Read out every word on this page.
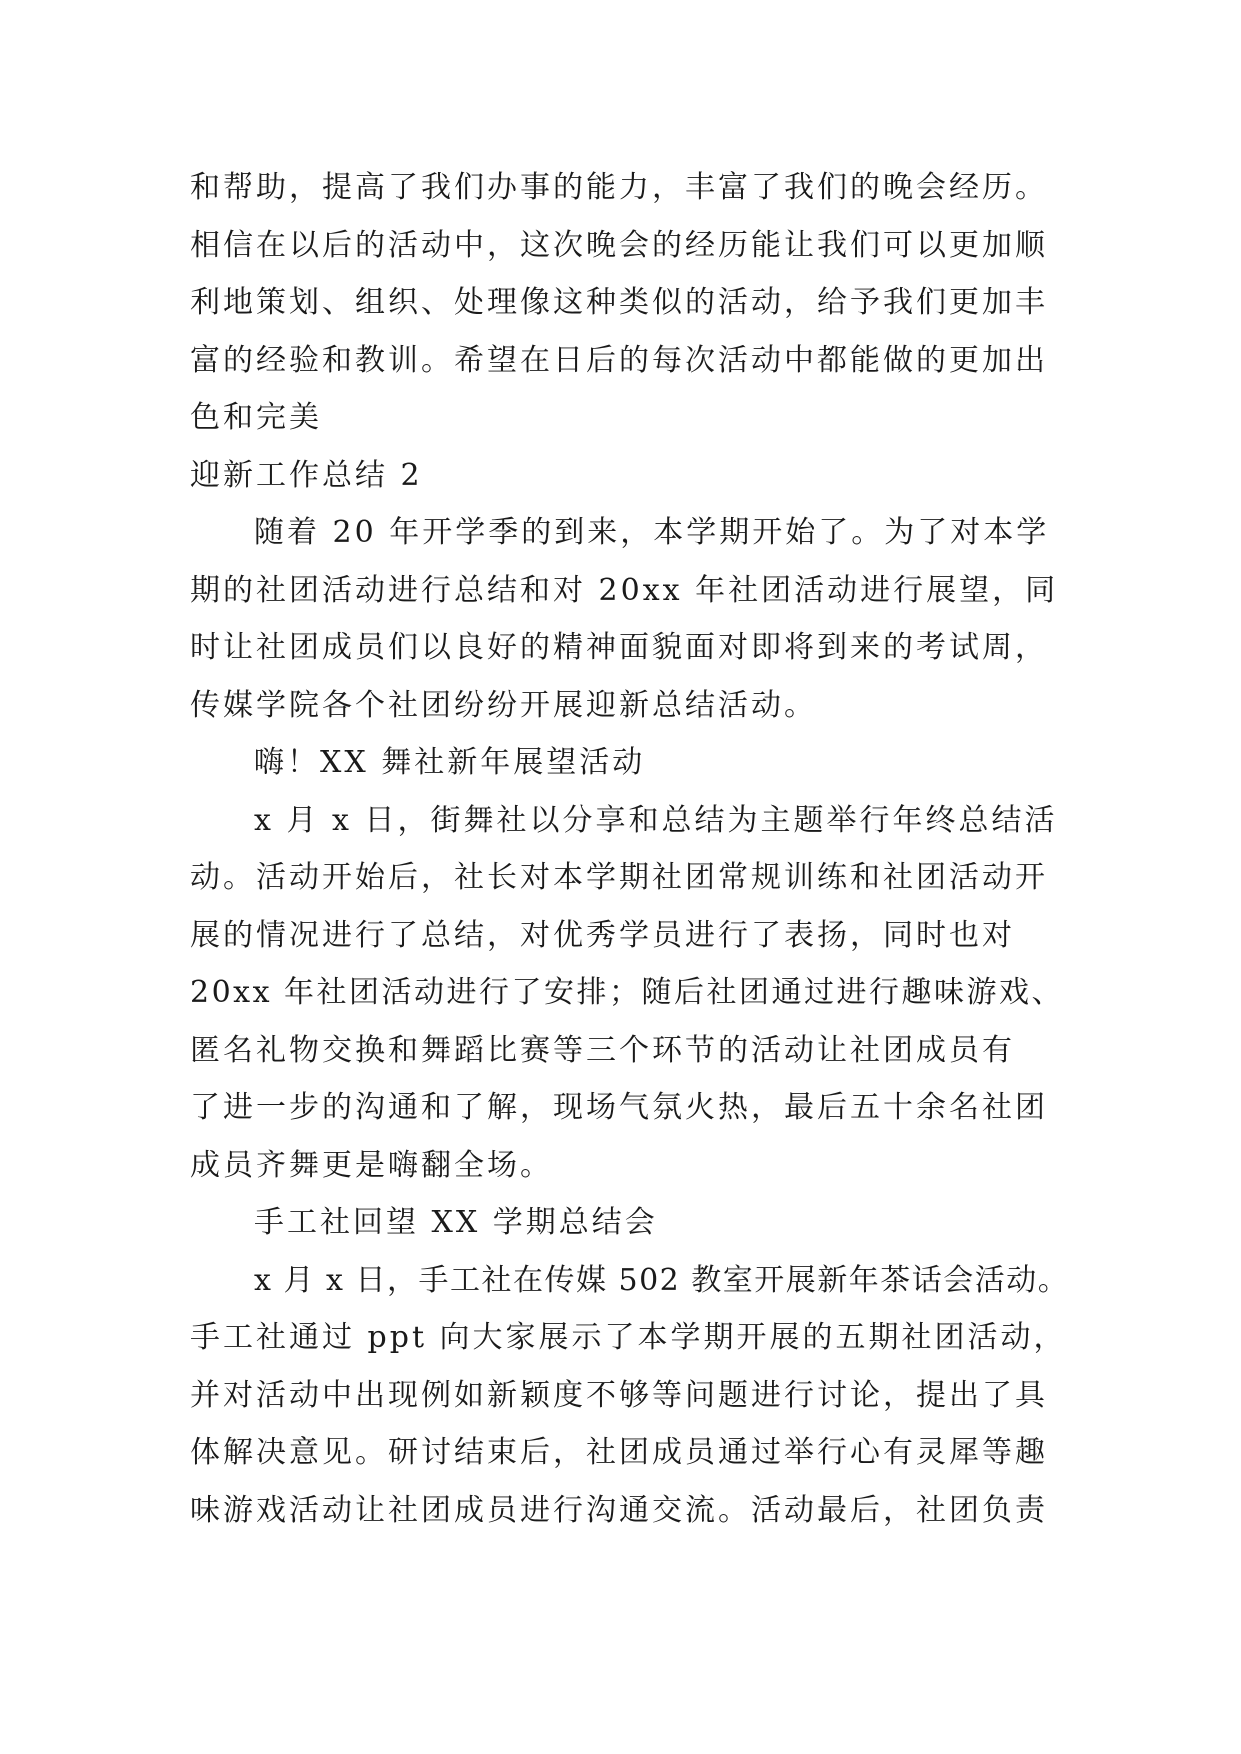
和帮助，提高了我们办事的能力，丰富了我们的晚会经历。
相信在以后的活动中，这次晚会的经历能让我们可以更加顺
利地策划、组织、处理像这种类似的活动，给予我们更加丰
富的经验和教训。希望在日后的每次活动中都能做的更加出
色和完美
迎新工作总结 2
随着 20 年开学季的到来，本学期开始了。为了对本学
期的社团活动进行总结和对 20xx 年社团活动进行展望，同
时让社团成员们以良好的精神面貌面对即将到来的考试周，
传媒学院各个社团纷纷开展迎新总结活动。
嗨！XX 舞社新年展望活动
x 月 x 日，街舞社以分享和总结为主题举行年终总结活
动。活动开始后，社长对本学期社团常规训练和社团活动开
展的情况进行了总结，对优秀学员进行了表扬，同时也对
20xx 年社团活动进行了安排；随后社团通过进行趣味游戏、
匿名礼物交换和舞蹈比赛等三个环节的活动让社团成员有
了进一步的沟通和了解，现场气氛火热，最后五十余名社团
成员齐舞更是嗨翻全场。
手工社回望 XX 学期总结会
x 月 x 日，手工社在传媒 502 教室开展新年茶话会活动。
手工社通过 ppt 向大家展示了本学期开展的五期社团活动，
并对活动中出现例如新颖度不够等问题进行讨论，提出了具
体解决意见。研讨结束后，社团成员通过举行心有灵犀等趣
味游戏活动让社团成员进行沟通交流。活动最后，社团负责
